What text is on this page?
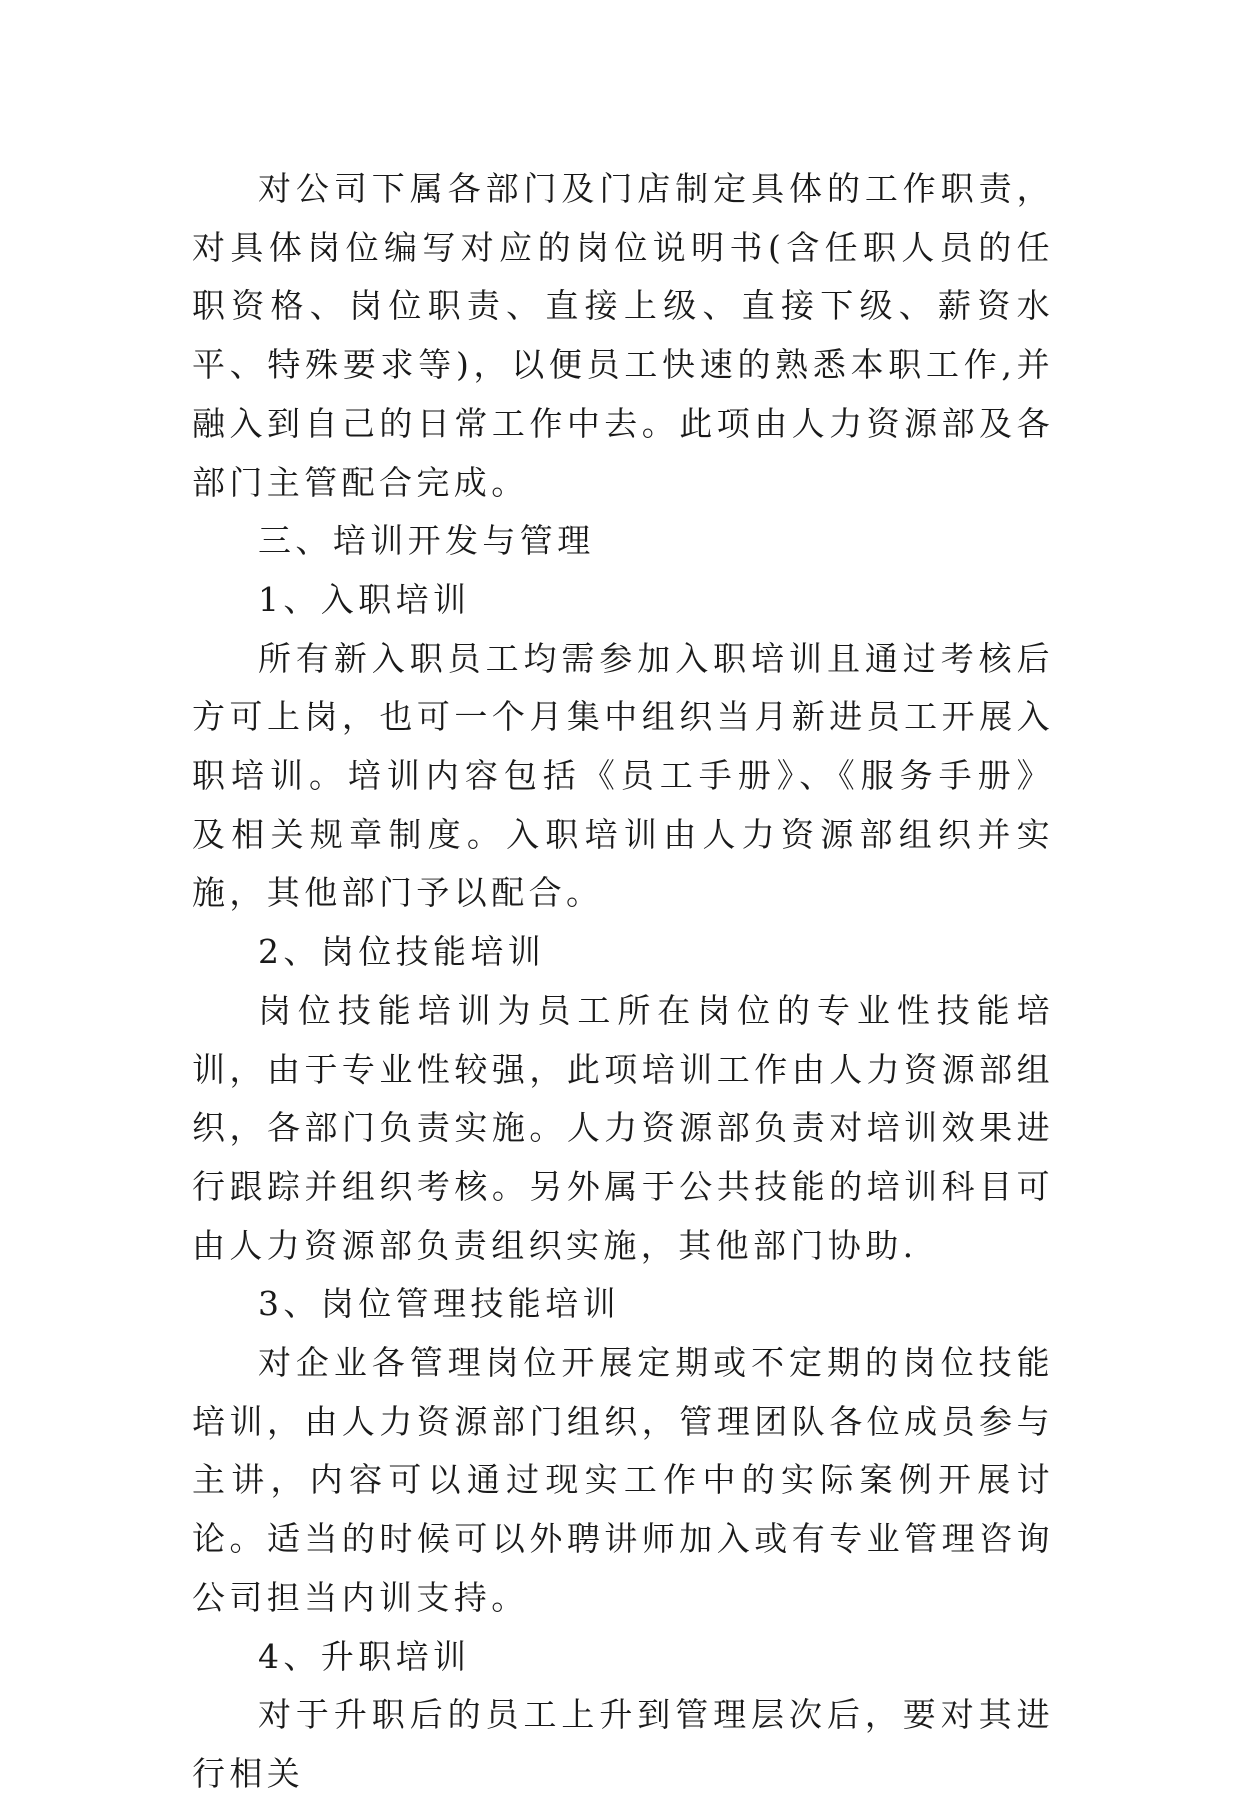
对公司下属各部门及门店制定具体的工作职责，对具体岗位编写对应的岗位说明书(含任职人员的任职资格、岗位职责、直接上级、直接下级、薪资水平、特殊要求等)，以便员工快速的熟悉本职工作,并融入到自己的日常工作中去。此项由人力资源部及各部门主管配合完成。

三、培训开发与管理

1、入职培训

所有新入职员工均需参加入职培训且通过考核后方可上岗，也可一个月集中组织当月新进员工开展入职培训。培训内容包括《员工手册》、《服务手册》及相关规章制度。入职培训由人力资源部组织并实施，其他部门予以配合。

2、岗位技能培训

岗位技能培训为员工所在岗位的专业性技能培训，由于专业性较强，此项培训工作由人力资源部组织，各部门负责实施。人力资源部负责对培训效果进行跟踪并组织考核。另外属于公共技能的培训科目可由人力资源部负责组织实施，其他部门协助.

3、岗位管理技能培训

对企业各管理岗位开展定期或不定期的岗位技能培训，由人力资源部门组织，管理团队各位成员参与主讲，内容可以通过现实工作中的实际案例开展讨论。适当的时候可以外聘讲师加入或有专业管理咨询公司担当内训支持。

4、升职培训

对于升职后的员工上升到管理层次后，要对其进行相关
